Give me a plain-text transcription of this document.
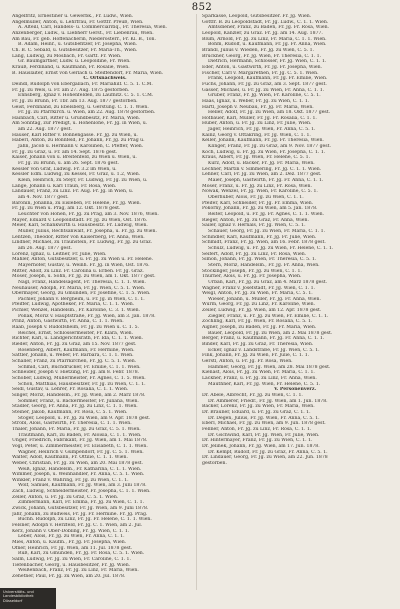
852
Angelfritz, Ernestiner u. Gewerbk., Fr. Ludw., Wien.
Angelmüller, Anton, u. Lehrfrau, Fr. Gottfr. Preuß, Wien.
A. Alteill, Carl, Handels- u. Commerciäritiq., Fr. Theresia, Wien.
Anzenberger, Ludw., u. Liebherr Gerst., Fr. Liebenrau, Wien.
Am Bau, Fr. geb. Hoffenacherin, Niederösterr., Fr. Kl. B., Ton.
B. Adam, Heinr., u. Gutsbefitzer, Fr. Josepha, Wien.
Ch. B. C. Sebald, u. Gutsbesitzer, Fr. Maria-Th., Wien.
Lang, Ludwig, zu Mosbach, Fr. Gartf. Fr. Wien.
Gr. Baumgartner, Ludw. u. Leopoldine, Fr. Wien.
Krauß, Ferdinand, u. Kaufmann, Fr. Rosalie, Wien.
B. Hauslaiter, Ernst von Gerlach u. Steiffendorf, Fr. Maria, Wien.
C. Ortsnachweis.
Deindl, Rudolph von Ebergallach, Fr. Mariahilf. C. 5. 1. C.M.
Fr. Jg. zu Wels, u. Fr. am 27. Aug. 1875 gestorben.
Ennsberg, Ignaz v. Hohenfelden, zu Laufnitz. C. 5. 1. C.M.
Fr. Jg. zu Brünn, Fr. Tbr. am 13. Aug. 1877 gestorben.
Geist, Ferdinand, zu Ebelsberg, u. Gerstung. C. 1. 1. Wien.
Fr. Jg. zu Pfarrkirch. u. Wien, am 22. Aug. 1878 gestorben.
Hainbach, Carl, Ritter u. Grundbesitz, Fr. Maria, Wien.
Am Sonntag, zur Predigt, u. Hohenlohe, Fr. Jg. in Wien, u.
am 22. Aug. 1877 gest.
Hauser, Karl Ritter v. Bonnengasse. Fr. Jg. zu Wien, u.
Haberl, Anton, zu Bonnfeld, Fr. Johann, Fr. Jg. zu Prag u.
Jahn, Jacob u. Hermann v. Karolinen, C. Pfeffer, Wien.
Fr. Jg. zu Graz, u. Fr. am 14. Sept. 1876 gest.
Kaiser, Johann von u. Breitenfeld, zu Wien u. Wien, u.
Fr. Jg. zu Brünn, u. am 26. Sept. 1876 gest.
Kessler von Graf, Ludwig. Fr. 3.2 im Wien, u.
Kessler Edm. Ludwig, zu Kessel, Fr. Graz, u. 1.2, Wien.
Klein, Heinrich, zu Steyr, Fr. Ludwig, Fr. Jg. zu Wien, u.
Lange, Johann u. Karl Traun, Fr. Rosa, Wien.
Landauer, Franz, zu Linz. Fr. Aug. Fr. Jg. in Wien, u.
am 4. Nov. 1877 gest.
Baronin, Johanna, zu Eisleben, Fr. Helene, Fr. Jg. Wien.
Fr. Jg. zu Wien u. Prag, am 12. Okt. 1878 gest.
Leuchter von Hohen, Fr. Jg. zu Prag, am 3. Nov. 1876, Wien.
Mayer, Eduard v. Leopoldstadt. Fr. Jg. zu Wien, Ost. 1876.
Meier, Karl, Schankwirth u. Hausbesitz. Fr. Ludwig, Wien.
Müller, Julius, Rechtsanwalt, Fr. Josepha, u. Fr. Jg. zu Wien.
Lentzen, Theodor, Ritter von Kaiserberg, Fr. Anna, Wien.
Lindner, Michael, zu Traunstein, Fr. Ludwig, Fr. Jg. zu Graz.
am 26. Aug. 1877 gest.
Lorenz, Ignaz, u. Leitner, Fr. Julie, Wien.
Mahler, Anton, Gutsbesitzer, u. Fr. Jg. zu Wien u. Fr. Helene.
Mayerhofer, Gustav, u. Weinh. Fr. Jg. in Wien, Ost. 1876.
Mitter, Adolf, zu Linz. Fr. Carolina u. Erben. Fr. Jg. Graz.
Moser, Joseph, u. Sohn, Fr. Jg. zu Wien, am 1. Okt. 1877 gest.
Nagl, Franz, Handelsagent, Fr. Theresia, C. 1. 1. Wien.
Neuhauser, Adolph, Fr. Maria, Fr. Jg. Wien, C. 5. 1. Wien.
Obermayer, Georg, zu Gmunden, Fr. Josefine, C. 1. 5. Wien.
Pachler, Johann v. Bergheim, u. Fr. Jg. in Wien, C. 1. 1.
Pfeiffer, Ludwig, Apotheker, Fr. Maria, C. 1. 1. Wien.
Pichler, Wenzel, Handelsm., Fr. Karoline, C. 3. 1. Wien.
Pollak, Moriz v. Hauptstraße, Fr. Jg. Wien, am 3. Jan. 1878.
Prinz, Anton, Gastwirth, Fr. Anna, C. 1. 1. Wien.
Raab, Joseph v. Rudolfsheim, Fr. Jg. zu Wien u. C. 1. 5.
Reichel, Ernst, Schlossermeister, Fr. Klara, Wien.
Richter, Karl, u. Landgerichtsrath, Fr. Ida, C. 1. 1. Wien.
Rieder, Anton, Fr. Jg. zu Graz, am 15. Nov. 1877 gest.
Rosenberg, Albert, Kaufmann, Fr. Hermine, Wien.
Sattler, Johann, u. Weber, Fr. Barbara, C. 1. 1. Wien.
Schaller, Franz, zu Pfarrkirchen, Fr. Jg. C. 5. 1. Wien.
Schmid, Carl, Buchdrucker, Fr. Emilie, C. 1. 1. Wien.
Schneider, Joseph v. Hietzing, Fr. Jg. am 8. Febr. 1878.
Schober, Ludwig, Müllermeister, Fr. Agnes, C. 1. 5. Wien.
Schön, Matthias, Hausbesitzer, Fr. Jg. zu Wien, C. 1. 1.
Seidl, Gustav, u. Lehrer, Fr. Rosalia, C. 1. 1. Wien.
Singer, Moriz, Handelsm., Fr. Jg. Wien, am 2. März 1878.
Sommer, Franz, u. Bäckermeister, Fr. Juliana, Wien.
Stadler, Georg, Fr. Anna, Fr. Jg. zu Linz, C. 1. 1. Wien.
Steiner, Jakob, Kaufmann, Fr. Rosa, C. 5. 1. Wien.
Stöger, Leopold, u. Fr. Jg. zu Wien, am 9. Apr. 1878 gest.
Strobl, Alois, Gastwirth, Fr. Theresia, C. 1. 1. Wien.
Thaler, Johann, Fr. Maria, Fr. Jg. zu Graz, C. 5. 1. Wien.
Trautmann, Karl, zu Baden, Fr. Aloisia, C. 1. 1. Wien.
Unger, Friedrich, Fabrikant, Fr. Jg. Wien, am 1. Mai 1878.
Vogl, Peter, u. Zimmermeister, Fr. Elisabeth, C. 1. 1. Wien.
Wagner, Heinrich v. Gumpendorf, Fr. Jg. C. 5. 1. Wien.
Walter, Adolf, Kaufmann, Fr. Ottilie, C. 1. 1. Wien.
Weber, Christian, Fr. Jg. zu Wien, am 20. Mai 1878 gest.
Weiß, Ignaz, Handelsm., Fr. Katharina, C. 1. 1. Wien.
Wimmer, Joseph, u. Weinhändler, Fr. Anna, C. 5. 1. Wien.
Winkler, Franz v. Währing, Fr. Jg. zu Wien, C. 1. 1.
Wolf, Samuel, Kaufmann, Fr. Jg. Wien, am 3. Juni 1878.
Zach, Ludwig, Schneidermeister, Fr. Josepha, C. 1. 1. Wien.
Zeller, Anton, u. Fr. Jg. zu Graz, C. 5. 1. Wien.
Zimmermann, Karl, Fr. Emma, Fr. Jg. zu Wien, C. 1. 1.
Zwick, Johann, Gutsbesitzer, Fr. Jg. Wien, am 9. Juni 1878.
Jahr, Johann, zu Budweis, Fr. Jg. Fr. Hermine. Fr. Jg. Prag.
Buchh. Rudolph, zu Linz, Fr. Jg. Fr. Helene, C. 1. 1. Wien.
Felsner, Adolph v. Herzfeld, Fr. Jg. C. 1. Wien, am 2. Jul.
Kerz, Johann v. Ober-Döbling, Fr. Jg. Wien, C. 1. 1.
Leber, Alois, Fr. Jg. zu Wien, Fr. Anna, C. 1. 1.
Mies, Anton, u. Kaufm., Fr. Jg. Fr. Josepha, Wien.
Ofner, Heinrich, Fr. Jg. Wien, am 11. Jul. 1878 gest.
Ruß, Karl, zu Gmunden, Fr. Jg. Fr. Rosa, C. 5. 1. Wien.
Salm, Ludwig, Fr. Jg. zu Wien, Fr. Caroline, C. 1. 1.
Tiefenbacher, Georg, u. Hausbesitzer, Fr. Jg. Wien.
Weißenbach, Franz, Fr. Jg. zu Linz, Fr. Maria, Wien.
Zehetner, Paul, Fr. Jg. zu Wien, am 20. Jul. 1878.
Sparkasse, Leopold, Gutsbesitzer. Fr. Jg. Wien.
Gottfr. B. zu Leopoldstadt, Fr. Jg. Ludw., C. 1. 1. Wien.
Amtsdiener, Franz, zu Baden, Fr. Jg. Fr. Rosa, Wien.
Leopold, Kanzler, zu Graz. Fr. Jg. am 14. Aug. 1877.
Blum, Arnold, Fr. Jg. zu Linz, Fr. Maria, C. 1. 1. Wien.
Böhm, Rudolf, u. Kaufmann, Fr. Jg. Fr. Anna, Wien.
Brandl, Julius v. Wieden, Fr. Jg. zu Wien, C. 5. 1.
Bruckner, Georg, Fr. Jg. Wien, Fr. Theresia, C. 1. 1.
Dietrich, Hermann, Schlosser, Fr. Jg. Wien, C. 1. 1.
Eder, Anton, u. Gastwirth, Fr. Jg. Fr. Josepha, Wien.
Fischer, Carl v. Margarethen, Fr. Jg. C. 5. 1. Wien.
Frank, Leopold, Kaufmann, Fr. Jg. Fr. Emilie, Wien.
Fuchs, Johann, Fr. Jg. zu Graz, am 3. Sept. 1877 gest.
Gasser, Michael, u. Fr. Jg. zu Wien, Fr. Anna, C. 1. 1.
Gruber, Franz, Fr. Jg. Wien, Fr. Karoline, C. 5. 1.
Haas, Ignaz, u. Weber, Fr. Jg. zu Wien, C. 1. 1.
Hartl, Joseph v. Neubau, Fr. Jg. Fr. Maria, Wien.
Heller, Adolf, Fr. Jg. zu Wien, am 18. Okt. 1877 gest.
Hofbauer, Karl, Müller, Fr. Jg. Fr. Rosalia, C. 1. 1.
Huber, Anton, u. Fr. Jg. zu Linz, Fr. Julie, Wien.
Jäger, Heinrich, Fr. Jg. Wien, Fr. Anna, C. 5. 1.
Kainz, Georg v. Ottakring, Fr. Jg. Wien, C. 1. 1.
Keller, Johann, Kaufmann, Fr. Jg. Fr. Theresia, Wien.
Klinger, Franz, Fr. Jg. zu Graz, am 9. Nov. 1877 gest.
Koch, Ludwig, u. Fr. Jg. zu Wien, Fr. Josepha, C. 1. 1.
Kraus, Albert, Fr. Jg. Wien, Fr. Helene, C. 5. 1.
Kurz, Adolf, u. Bäcker, Fr. Jg. Fr. Maria, Wien.
Lechner, Martin v. Simmering, Fr. Jg. C. 1. 1. Wien.
Lehner, Carl, Fr. Jg. zu Wien, am 2. Dez. 1877 gest.
Maier, Joseph, Gastwirth, Fr. Jg. Fr. Anna, C. 1. 1.
Moser, Franz, u. Fr. Jg. zu Linz, Fr. Rosa, Wien.
Nowak, Wenzel, Fr. Jg. Wien, Fr. Karoline, C. 5. 1.
Oberhuber, Alois, Fr. Jg. zu Wien, C. 1. 1.
Pfeifer, Karl, Schneider, Fr. Jg. Fr. Emma, Wien.
Pokorny, Johann, Fr. Jg. zu Wien, am 5. Jan. 1878.
Reiter, Leopold, u. Fr. Jg. Fr. Agnes, C. 1. 1. Wien.
Rieger, Anton, Fr. Jg. zu Graz, Fr. Anna, Wien.
Sailer, Ignaz v. Hernals, Fr. Jg. Wien, C. 5. 1.
Schauer, Georg, Fr. Jg. zu Wien, Fr. Maria, C. 1. 1.
Schindler, Karl, Kaufmann, Fr. Jg. Fr. Julie, Wien.
Schmidt, Franz, Fr. Jg. Wien, am 16. Febr. 1878 gest.
Schulz, Ludwig, u. Fr. Jg. zu Wien, Fr. Helene, C. 1. 1.
Seifert, Adolf, Fr. Jg. zu Linz, Fr. Rosa, Wien.
Simon, Johann, Fr. Jg. Wien, Fr. Theresia, C. 5. 1.
Stern, Moriz, Handelsm., Fr. Jg. Fr. Anna, Wien.
Stockinger, Joseph, Fr. Jg. zu Wien, C. 1. 1.
Thurner, Alois, u. Fr. Jg. Fr. Josepha, Wien.
Urban, Karl, Fr. Jg. zu Graz, am 4. März 1878 gest.
Wagner, Franz v. Josefstadt, Fr. Jg. Wien, C. 1. 1.
Weigl, Anton, Fr. Jg. zu Wien, Fr. Maria, C. 5. 1.
Wieser, Johann, u. Müller, Fr. Jg. Fr. Anna, Wien.
Wurm, Georg, Fr. Jg. zu Linz, Fr. Karoline, Wien.
Zeiler, Ludwig, Fr. Jg. Wien, am 12. Apr. 1878 gest.
Ziegler, Franz, u. Fr. Jg. zu Wien, Fr. Emilie, C. 1. 1.
Zöchling, Karl, Fr. Jg. Wien, Fr. Rosalia, C. 5. 1.
Aigner, Joseph, zu Baden, Fr. Jg. Fr. Maria, Wien.
Bauer, Leopold, Fr. Jg. zu Wien, am 2. Mai 1878 gest.
Berger, Franz, u. Kaufmann, Fr. Jg. Fr. Anna, C. 1. 1.
Binder, Karl, Fr. Jg. zu Graz, Fr. Theresia, Wien.
Ecker, Ignaz v. Landstraße, Fr. Jg. Wien, C. 5. 1.
Fink, Johann, Fr. Jg. zu Wien, Fr. Julie, C. 1. 1.
Gerstl, Anton, u. Fr. Jg. Fr. Rosa, Wien.
Hammer, Georg, Fr. Jg. Wien, am 28. Mai 1878 gest.
Kienast, Alois, Fr. Jg. zu Wien, Fr. Maria, C. 1. 1.
Lackner, Franz, u. Fr. Jg. zu Linz, Fr. Anna, Wien.
Mauthner, Karl, Fr. Jg. Wien, Fr. Helene, C. 5. 1.
V. Personenverz.
Dr. Abele, Albrecht, Fr. Jg. zu Wien, C. 1. 1.
Dr. Ammerer, Friedr., Fr. Jg. Wien, am 1. Jun. 1878.
Bäcker, Lorenz, Fr. Jg. zu Wien, Fr. Maria, Wien.
Dr. Brauner, Eduard, u. Fr. Jg. zu Graz, C. 1. 1.
Dr. Degen, Julius, Fr. Jg. Wien, Fr. Anna, C. 5. 1.
Eberl, Michael, Fr. Jg. zu Wien, am 9. Jun. 1878 gest.
Fellner, Anton, Fr. Jg. zu Linz, Fr. Rosa, C. 1. 1.
Dr. Gschwind, Karl, Fr. Jg. Wien, Fr. Julie, Wien.
Dr. Hintermayer, Franz, Fr. Jg. zu Wien, C. 1. 1.
Dr. Jelinek, Johann, Fr. Jg. Wien, am 17. Jun. 1878.
Dr. Kempf, Rudolf, Fr. Jg. zu Graz, Fr. Anna, C. 5. 1.
Dr. Lindauer, Georg, Fr. Jg. zu Wien, am 22. Jun. 1878
gestorben.
Universitäts- und
Landesbibliothek
Düsseldorf
